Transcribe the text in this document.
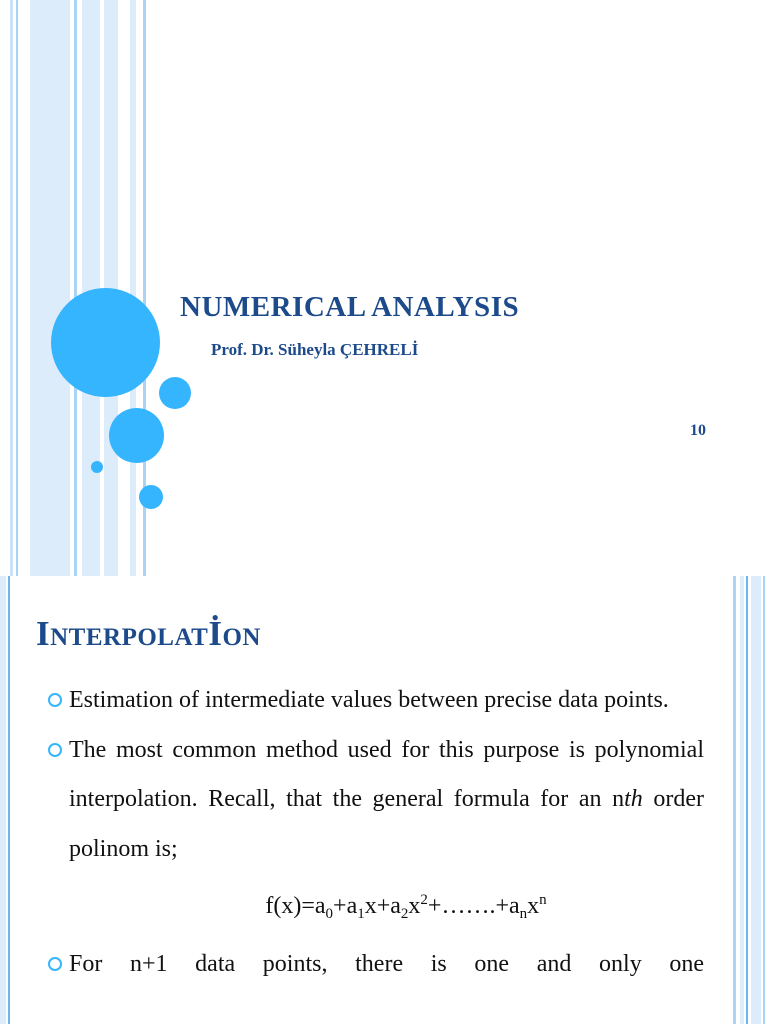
NUMERICAL ANALYSIS
Prof. Dr. Süheyla ÇEHRELİ
10
Interpolatİon

Estimation of intermediate values between precise data points.

The most common method used for this purpose is polynomial interpolation. Recall, that the general formula for an nth order polinom is;

$f(x)=a_0+a_1x+a_2x^2+\dots\dots.+a_nx^n$

For n+1 data points, there is one and only one
